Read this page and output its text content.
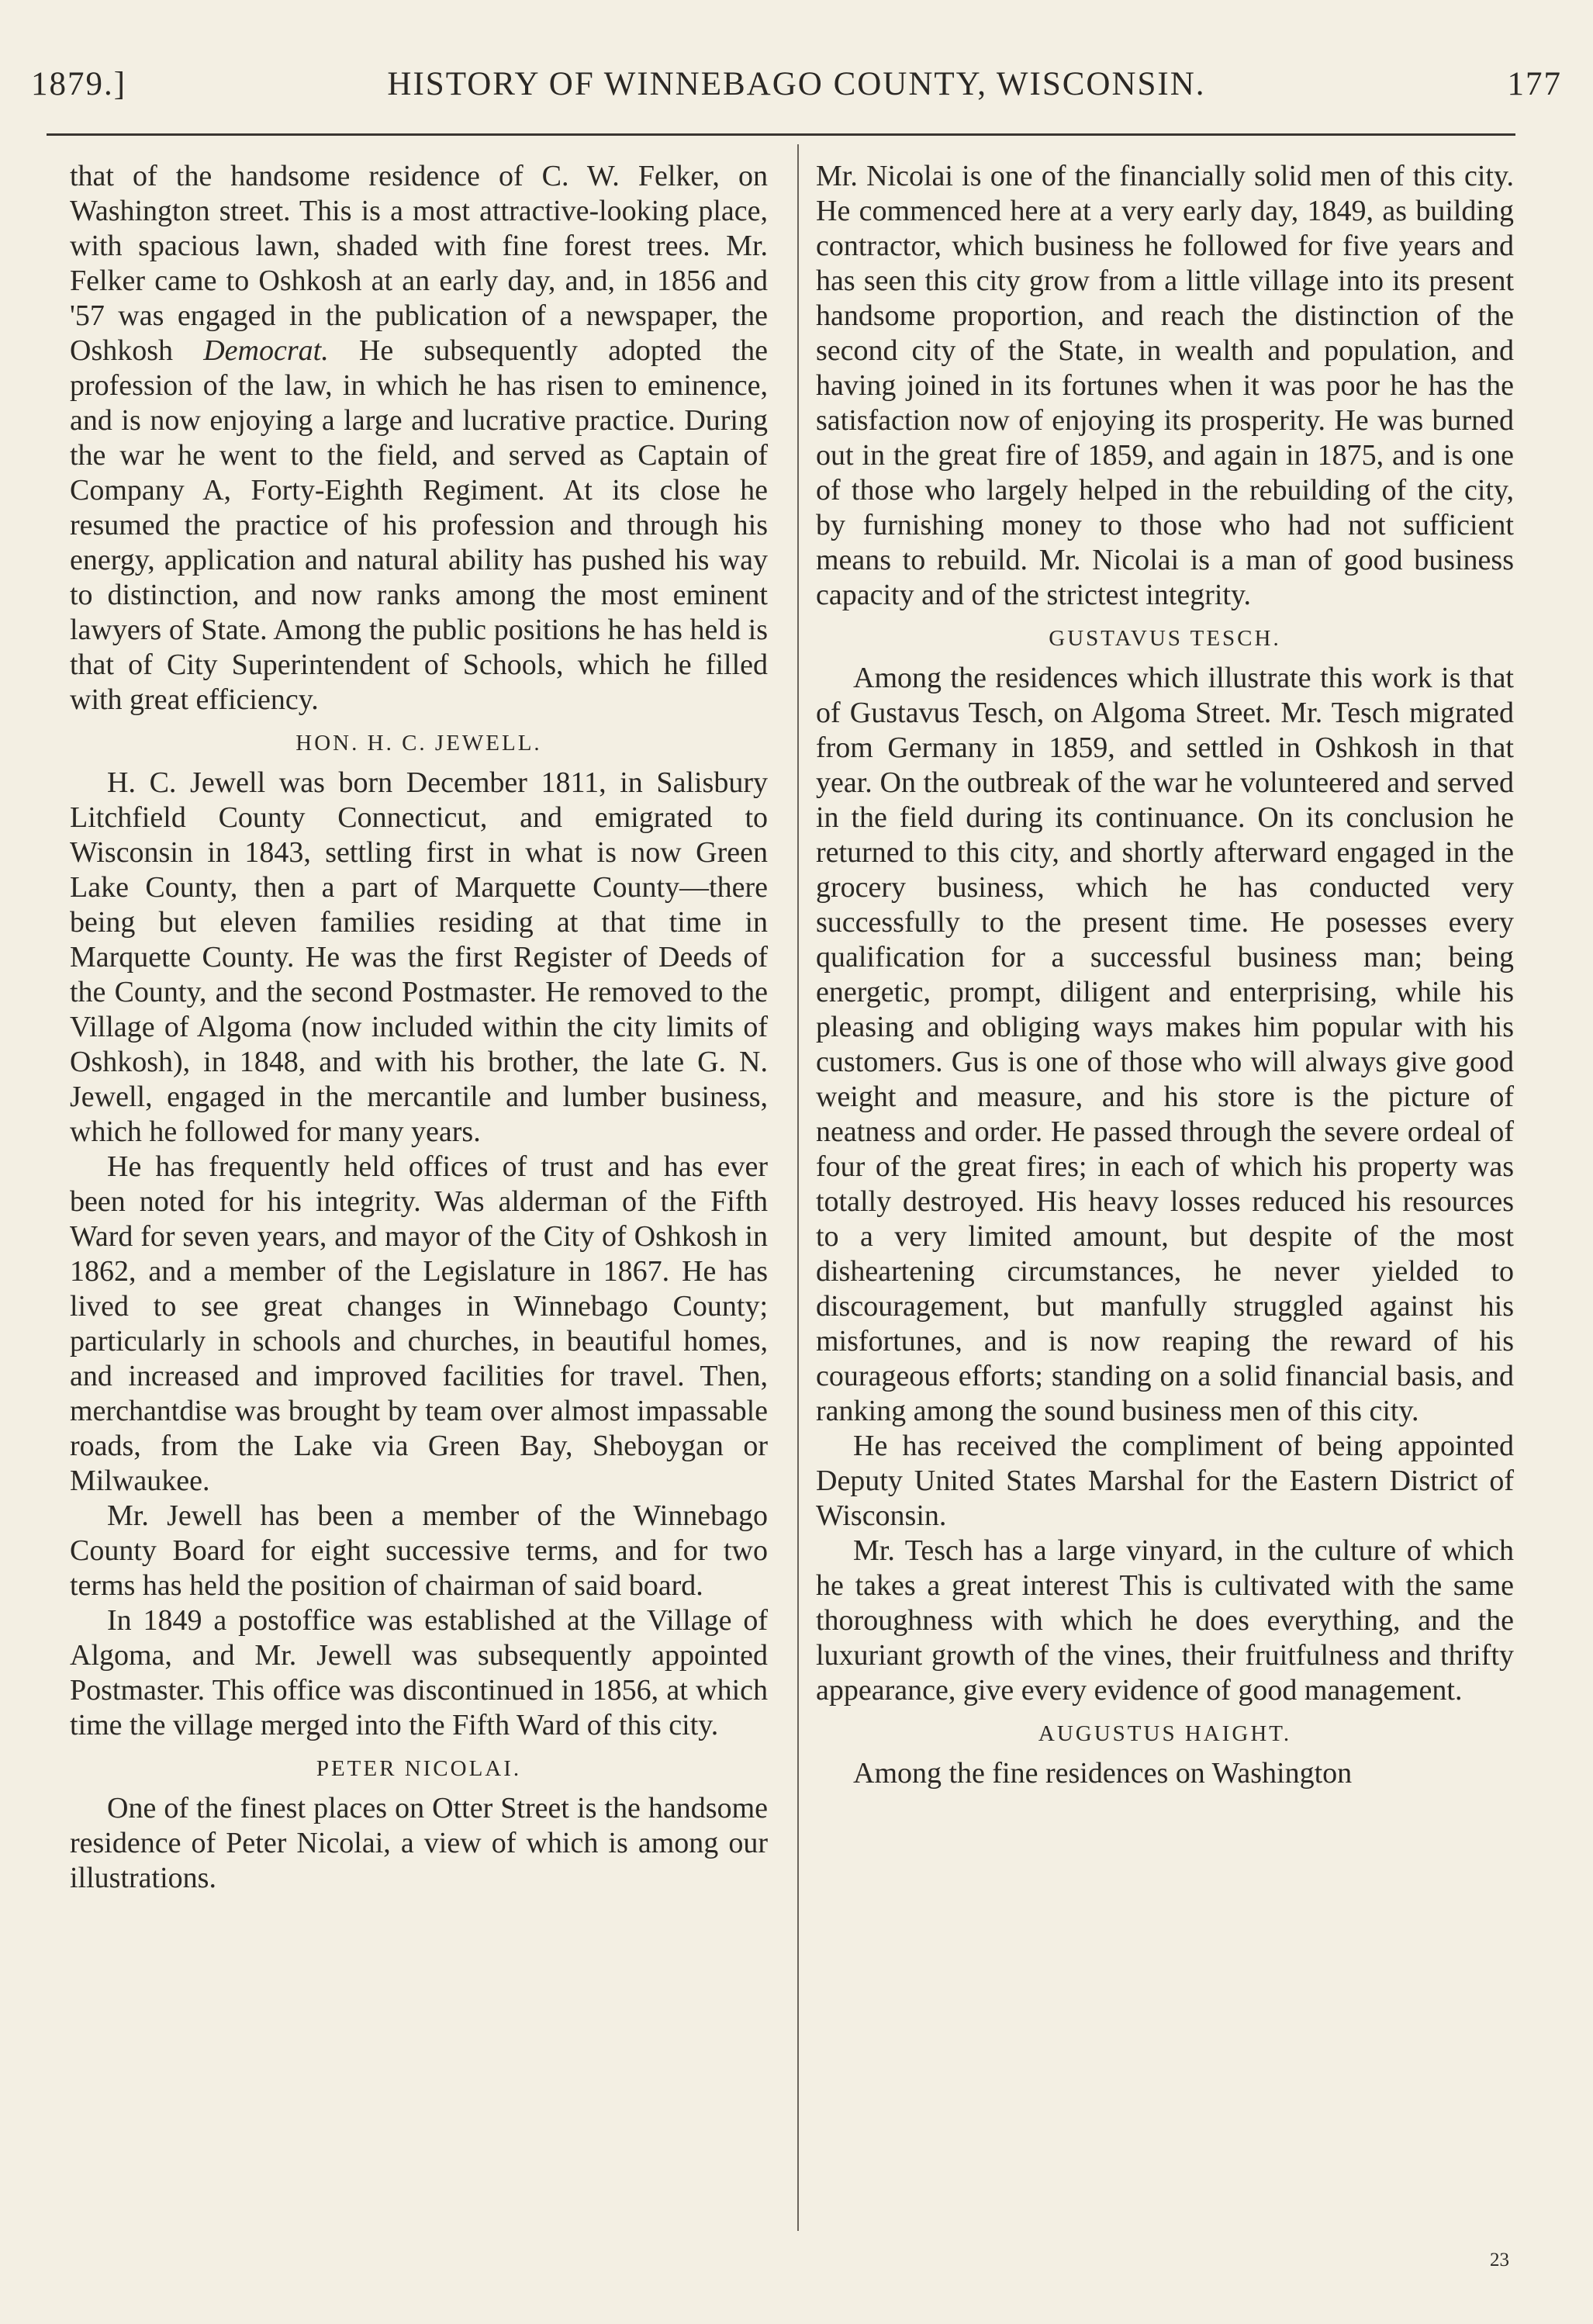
1879.]	HISTORY OF WINNEBAGO COUNTY, WISCONSIN.	177

that of the handsome residence of C. W. Felker, on Washington street. This is a most attractive-looking place, with spacious lawn, shaded with fine forest trees. Mr. Felker came to Oshkosh at an early day, and, in 1856 and '57 was engaged in the publication of a newspaper, the Oshkosh Democrat. He subsequently adopted the profession of the law, in which he has risen to eminence, and is now enjoying a large and lucrative practice. During the war he went to the field, and served as Captain of Company A, Forty-Eighth Regiment. At its close he resumed the practice of his profession and through his energy, application and natural ability has pushed his way to distinction, and now ranks among the most eminent lawyers of State. Among the public positions he has held is that of City Superintendent of Schools, which he filled with great efficiency.

HON. H. C. JEWELL.

H. C. Jewell was born December 1811, in Salisbury Litchfield County Connecticut, and emigrated to Wisconsin in 1843, settling first in what is now Green Lake County, then a part of Marquette County—there being but eleven families residing at that time in Marquette County. He was the first Register of Deeds of the County, and the second Postmaster. He removed to the Village of Algoma (now included within the city limits of Oshkosh), in 1848, and with his brother, the late G. N. Jewell, engaged in the mercantile and lumber business, which he followed for many years.

He has frequently held offices of trust and has ever been noted for his integrity. Was alderman of the Fifth Ward for seven years, and mayor of the City of Oshkosh in 1862, and a member of the Legislature in 1867. He has lived to see great changes in Winnebago County; particularly in schools and churches, in beautiful homes, and increased and improved facilities for travel. Then, merchantdise was brought by team over almost impassable roads, from the Lake via Green Bay, Sheboygan or Milwaukee.

Mr. Jewell has been a member of the Winnebago County Board for eight successive terms, and for two terms has held the position of chairman of said board.

In 1849 a postoffice was established at the Village of Algoma, and Mr. Jewell was subsequently appointed Postmaster. This office was discontinued in 1856, at which time the village merged into the Fifth Ward of this city.

PETER NICOLAI.

One of the finest places on Otter Street is the handsome residence of Peter Nicolai, a view of which is among our illustrations.

Mr. Nicolai is one of the financially solid men of this city. He commenced here at a very early day, 1849, as building contractor, which business he followed for five years and has seen this city grow from a little village into its present handsome proportion, and reach the distinction of the second city of the State, in wealth and population, and having joined in its fortunes when it was poor he has the satisfaction now of enjoying its prosperity. He was burned out in the great fire of 1859, and again in 1875, and is one of those who largely helped in the rebuilding of the city, by furnishing money to those who had not sufficient means to rebuild. Mr. Nicolai is a man of good business capacity and of the strictest integrity.

GUSTAVUS TESCH.

Among the residences which illustrate this work is that of Gustavus Tesch, on Algoma Street. Mr. Tesch migrated from Germany in 1859, and settled in Oshkosh in that year. On the outbreak of the war he volunteered and served in the field during its continuance. On its conclusion he returned to this city, and shortly afterward engaged in the grocery business, which he has conducted very successfully to the present time. He posesses every qualification for a successful business man; being energetic, prompt, diligent and enterprising, while his pleasing and obliging ways makes him popular with his customers. Gus is one of those who will always give good weight and measure, and his store is the picture of neatness and order. He passed through the severe ordeal of four of the great fires; in each of which his property was totally destroyed. His heavy losses reduced his resources to a very limited amount, but despite of the most disheartening circumstances, he never yielded to discouragement, but manfully struggled against his misfortunes, and is now reaping the reward of his courageous efforts; standing on a solid financial basis, and ranking among the sound business men of this city.

He has received the compliment of being appointed Deputy United States Marshal for the Eastern District of Wisconsin.

Mr. Tesch has a large vinyard, in the culture of which he takes a great interest This is cultivated with the same thoroughness with which he does everything, and the luxuriant growth of the vines, their fruitfulness and thrifty appearance, give every evidence of good management.

AUGUSTUS HAIGHT.

Among the fine residences on Washington

23
